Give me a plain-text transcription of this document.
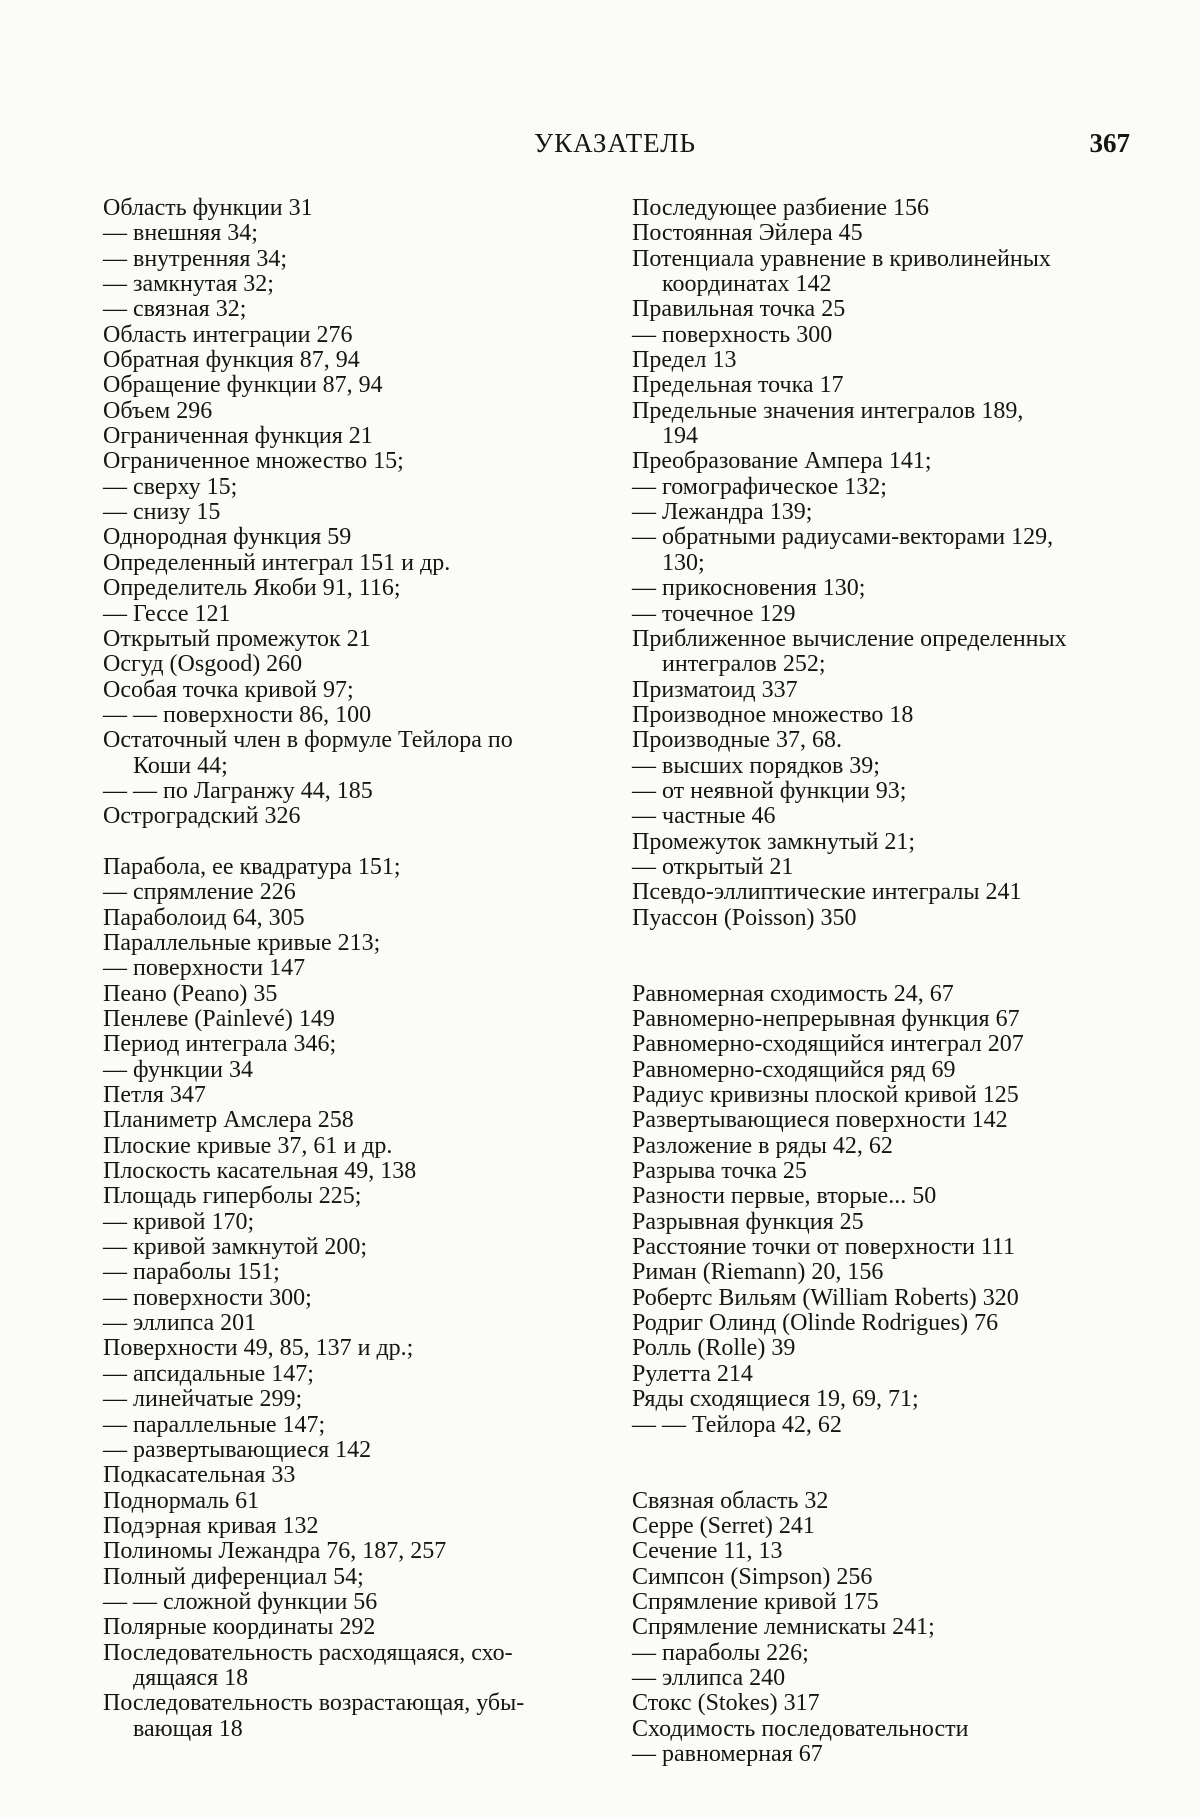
УКАЗАТЕЛЬ	367
Область функции 31
— внешняя 34;
— внутренняя 34;
— замкнутая 32;
— связная 32;
Область интеграции 276
Обратная функция 87, 94
Обращение функции 87, 94
Объем 296
Ограниченная функция 21
Ограниченное множество 15;
— сверху 15;
— снизу 15
Однородная функция 59
Определенный интеграл 151 и др.
Определитель Якоби 91, 116;
— Гессе 121
Открытый промежуток 21
Осгуд (Osgood) 260
Особая точка кривой 97;
— — поверхности 86, 100
Остаточный член в формуле Тейлора по
Коши 44;
— — по Лагранжу 44, 185
Остроградский 326
Парабола, ее квадратура 151;
— спрямление 226
Параболоид 64, 305
Параллельные кривые 213;
— поверхности 147
Пеано (Peano) 35
Пенлеве (Painlevé) 149
Период интеграла 346;
— функции 34
Петля 347
Планиметр Амслера 258
Плоские кривые 37, 61 и др.
Плоскость касательная 49, 138
Площадь гиперболы 225;
— кривой 170;
— кривой замкнутой 200;
— параболы 151;
— поверхности 300;
— эллипса 201
Поверхности 49, 85, 137 и др.;
— апсидальные 147;
— линейчатые 299;
— параллельные 147;
— развертывающиеся 142
Подкасательная 33
Поднормаль 61
Подэрная кривая 132
Полиномы Лежандра 76, 187, 257
Полный диференциал 54;
— — сложной функции 56
Полярные координаты 292
Последовательность расходящаяся, схо-
дящаяся 18
Последовательность возрастающая, убы-
вающая 18
Последующее разбиение 156
Постоянная Эйлера 45
Потенциала уравнение в криволинейных
координатах 142
Правильная точка 25
— поверхность 300
Предел 13
Предельная точка 17
Предельные значения интегралов 189,
194
Преобразование Ампера 141;
— гомографическое 132;
— Лежандра 139;
— обратными радиусами-векторами 129,
130;
— прикосновения 130;
— точечное 129
Приближенное вычисление определенных
интегралов 252;
Призматоид 337
Производное множество 18
Производные 37, 68.
— высших порядков 39;
— от неявной функции 93;
— частные 46
Промежуток замкнутый 21;
— открытый 21
Псевдо-эллиптические интегралы 241
Пуассон (Poisson) 350
Равномерная сходимость 24, 67
Равномерно-непрерывная функция 67
Равномерно-сходящийся интеграл 207
Равномерно-сходящийся ряд 69
Радиус кривизны плоской кривой 125
Развертывающиеся поверхности 142
Разложение в ряды 42, 62
Разрыва точка 25
Разности первые, вторые... 50
Разрывная функция 25
Расстояние точки от поверхности 111
Риман (Riemann) 20, 156
Робертс Вильям (William Roberts) 320
Родриг Олинд (Olinde Rodrigues) 76
Ролль (Rolle) 39
Рулетта 214
Ряды сходящиеся 19, 69, 71;
— — Тейлора 42, 62
Связная область 32
Серре (Serret) 241
Сечение 11, 13
Симпсон (Simpson) 256
Спрямление кривой 175
Спрямление лемнискаты 241;
— параболы 226;
— эллипса 240
Стокс (Stokes) 317
Сходимость последовательности
— равномерная 67
